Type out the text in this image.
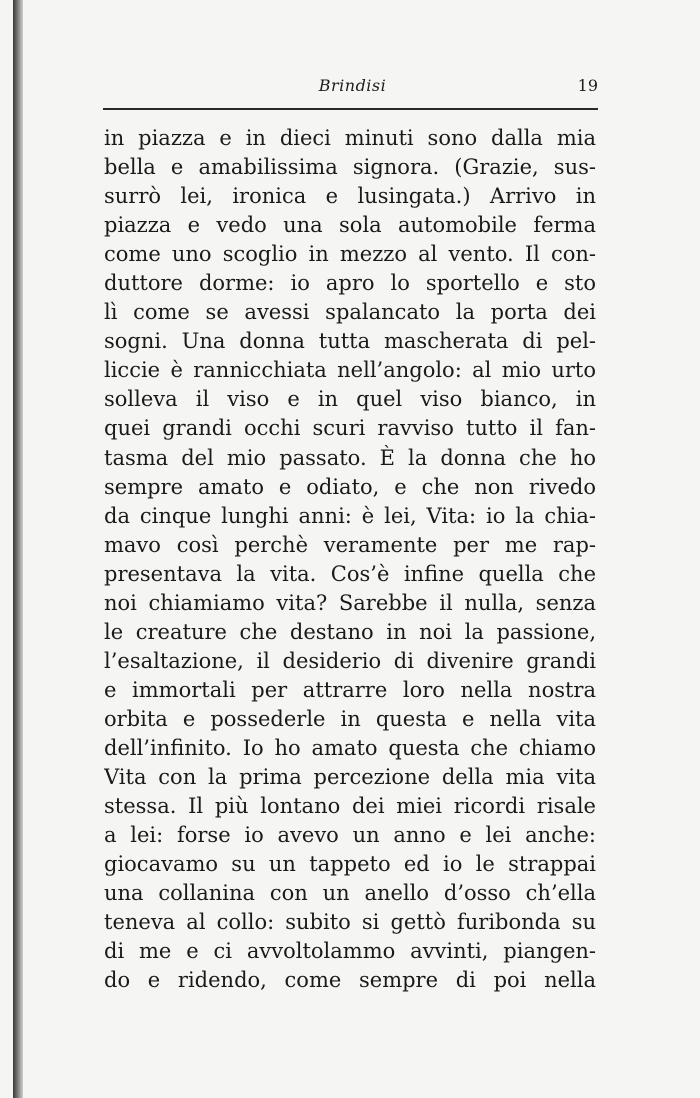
Brindisi	19
in piazza e in dieci minuti sono dalla mia
bella e amabilissima signora. (Grazie, sus-
surrò lei, ironica e lusingata.) Arrivo in
piazza e vedo una sola automobile ferma
come uno scoglio in mezzo al vento. Il con-
duttore dorme: io apro lo sportello e sto
lì come se avessi spalancato la porta dei
sogni. Una donna tutta mascherata di pel-
liccie è rannicchiata nell’angolo: al mio urto
solleva il viso e in quel viso bianco, in
quei grandi occhi scuri ravviso tutto il fan-
tasma del mio passato. È la donna che ho
sempre amato e odiato, e che non rivedo
da cinque lunghi anni: è lei, Vita: io la chia-
mavo così perchè veramente per me rap-
presentava la vita. Cos’è infine quella che
noi chiamiamo vita? Sarebbe il nulla, senza
le creature che destano in noi la passione,
l’esaltazione, il desiderio di divenire grandi
e immortali per attrarre loro nella nostra
orbita e possederle in questa e nella vita
dell’infinito. Io ho amato questa che chiamo
Vita con la prima percezione della mia vita
stessa. Il più lontano dei miei ricordi risale
a lei: forse io avevo un anno e lei anche:
giocavamo su un tappeto ed io le strappai
una collanina con un anello d’osso ch’ella
teneva al collo: subito si gettò furibonda su
di me e ci avvoltolammo avvinti, piangen-
do e ridendo, come sempre di poi nella
